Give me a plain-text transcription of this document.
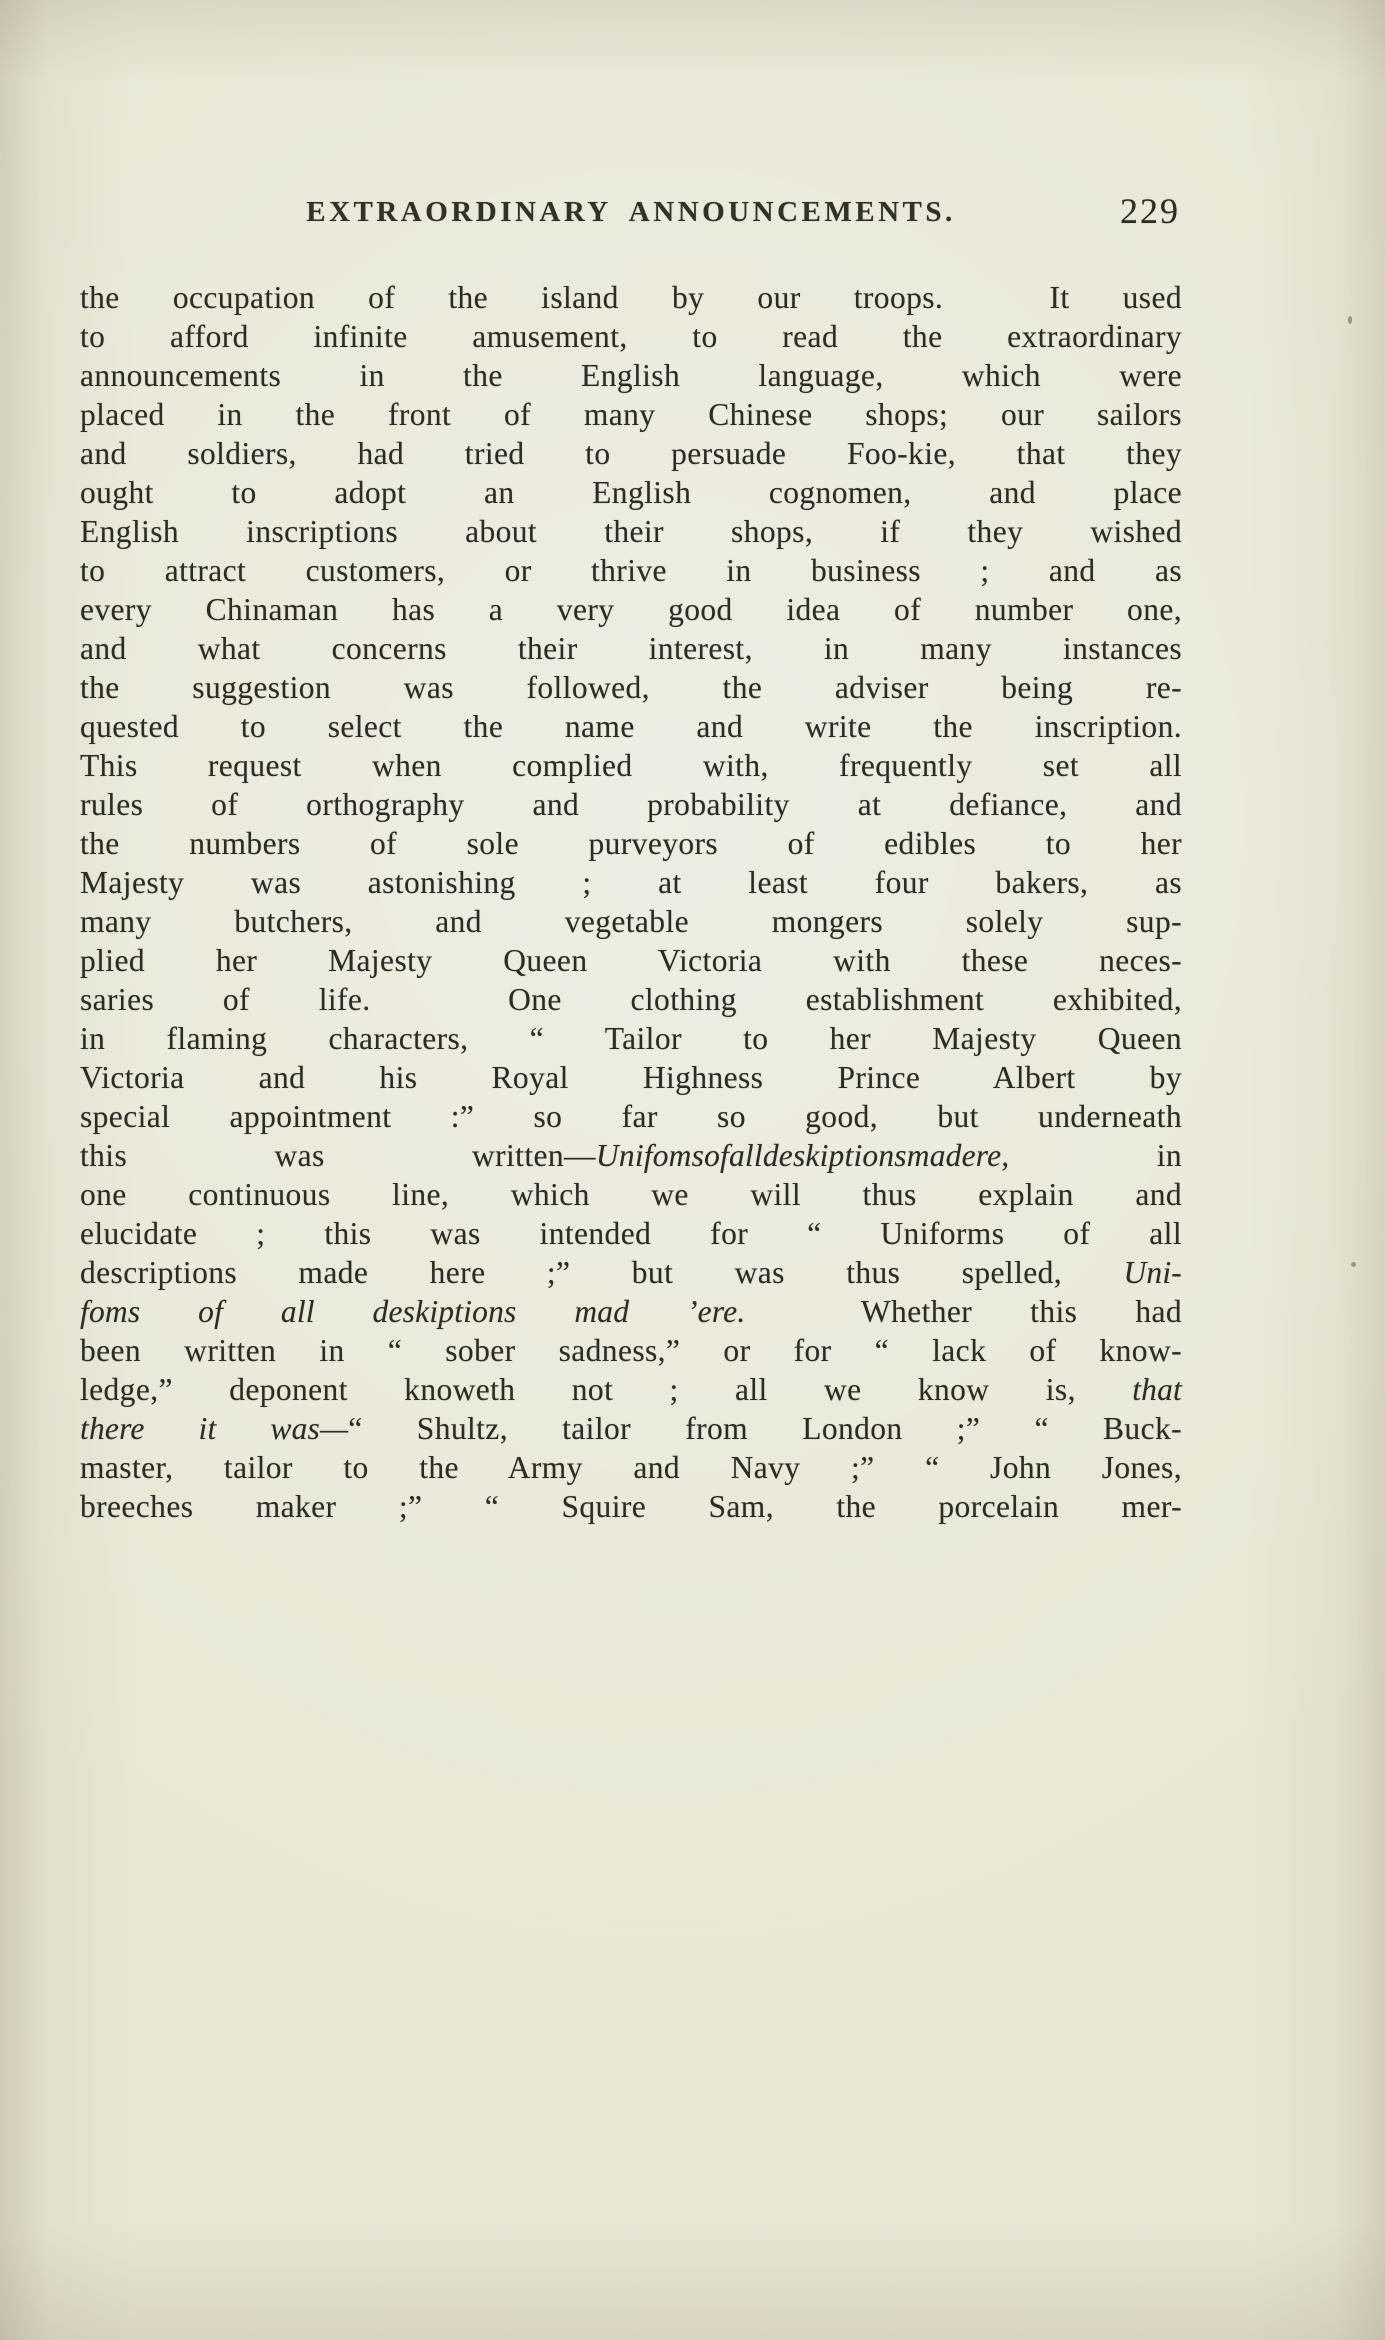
EXTRAORDINARY ANNOUNCEMENTS.	229
the occupation of the island by our troops.  It used
to afford infinite amusement, to read the extraordinary
announcements in the English language, which were
placed in the front of many Chinese shops; our sailors
and soldiers, had tried to persuade Foo-kie, that they
ought to adopt an English cognomen, and place
English inscriptions about their shops, if they wished
to attract customers, or thrive in business ; and as
every Chinaman has a very good idea of number one,
and what concerns their interest, in many instances
the suggestion was followed, the adviser being re-
quested to select the name and write the inscription.
This request when complied with, frequently set all
rules of orthography and probability at defiance, and
the numbers of sole purveyors of edibles to her
Majesty was astonishing ; at least four bakers, as
many butchers, and vegetable mongers solely sup-
plied her Majesty Queen Victoria with these neces-
saries of life.  One clothing establishment exhibited,
in flaming characters, “ Tailor to her Majesty Queen
Victoria and his Royal Highness Prince Albert by
special appointment :” so far so good, but underneath
this was written—Unifomsofalldeskiptionsmadere, in
one continuous line, which we will thus explain and
elucidate ; this was intended for “ Uniforms of all
descriptions made here ;” but was thus spelled, Uni-
foms of all deskiptions mad ’ere.  Whether this had
been written in “ sober sadness,” or for “ lack of know-
ledge,” deponent knoweth not ; all we know is, that
there it was—“ Shultz, tailor from London ;” “ Buck-
master, tailor to the Army and Navy ;” “ John Jones,
breeches maker ;” “ Squire Sam, the porcelain mer-
